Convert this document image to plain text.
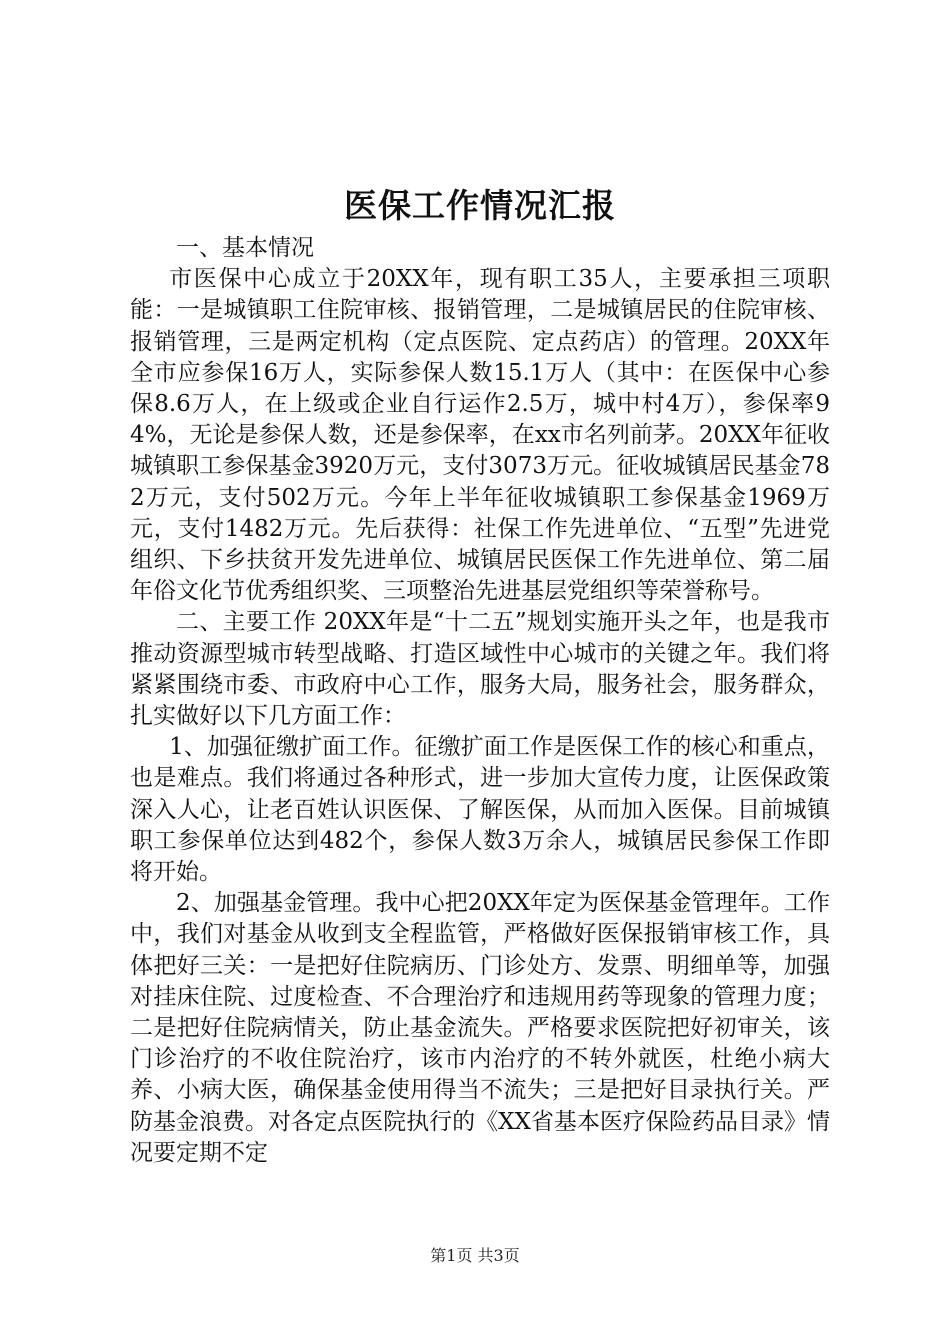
医保工作情况汇报

一、基本情况

市医保中心成立于20XX年，现有职工35人，主要承担三项职能：一是城镇职工住院审核、报销管理，二是城镇居民的住院审核、报销管理，三是两定机构（定点医院、定点药店）的管理。20XX年全市应参保16万人，实际参保人数15.1万人（其中：在医保中心参保8.6万人，在上级或企业自行运作2.5万，城中村4万），参保率94%，无论是参保人数，还是参保率，在xx市名列前茅。20XX年征收城镇职工参保基金3920万元，支付3073万元。征收城镇居民基金782万元，支付502万元。今年上半年征收城镇职工参保基金1969万元，支付1482万元。先后获得：社保工作先进单位、“五型”先进党组织、下乡扶贫开发先进单位、城镇居民医保工作先进单位、第二届年俗文化节优秀组织奖、三项整治先进基层党组织等荣誉称号。

二、主要工作 20XX年是“十二五”规划实施开头之年，也是我市推动资源型城市转型战略、打造区域性中心城市的关键之年。我们将紧紧围绕市委、市政府中心工作，服务大局，服务社会，服务群众，扎实做好以下几方面工作：

1、加强征缴扩面工作。征缴扩面工作是医保工作的核心和重点，也是难点。我们将通过各种形式，进一步加大宣传力度，让医保政策深入人心，让老百姓认识医保、了解医保，从而加入医保。目前城镇职工参保单位达到482个，参保人数3万余人，城镇居民参保工作即将开始。

2、加强基金管理。我中心把20XX年定为医保基金管理年。工作中，我们对基金从收到支全程监管，严格做好医保报销审核工作，具体把好三关：一是把好住院病历、门诊处方、发票、明细单等，加强对挂床住院、过度检查、不合理治疗和违规用药等现象的管理力度；二是把好住院病情关，防止基金流失。严格要求医院把好初审关，该门诊治疗的不收住院治疗，该市内治疗的不转外就医，杜绝小病大养、小病大医，确保基金使用得当不流失；三是把好目录执行关。严防基金浪费。对各定点医院执行的《XX省基本医疗保险药品目录》情况要定期不定

第1页 共3页
